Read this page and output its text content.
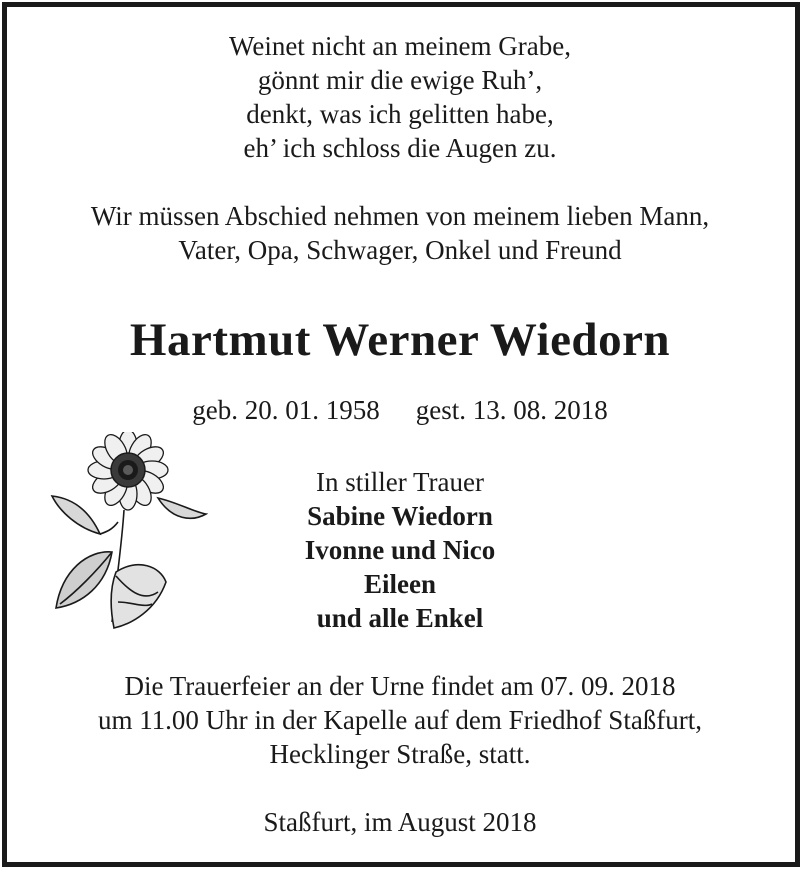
Weinet nicht an meinem Grabe,
gönnt mir die ewige Ruh’,
denkt, was ich gelitten habe,
eh’ ich schloss die Augen zu.
Wir müssen Abschied nehmen von meinem lieben Mann,
Vater, Opa, Schwager, Onkel und Freund
Hartmut Werner Wiedorn
geb. 20. 01. 1958 gest. 13. 08. 2018
In stiller Trauer
Sabine Wiedorn
Ivonne und Nico
Eileen
und alle Enkel
Die Trauerfeier an der Urne findet am 07. 09. 2018
um 11.00 Uhr in der Kapelle auf dem Friedhof Staßfurt,
Hecklinger Straße, statt.
Staßfurt, im August 2018
